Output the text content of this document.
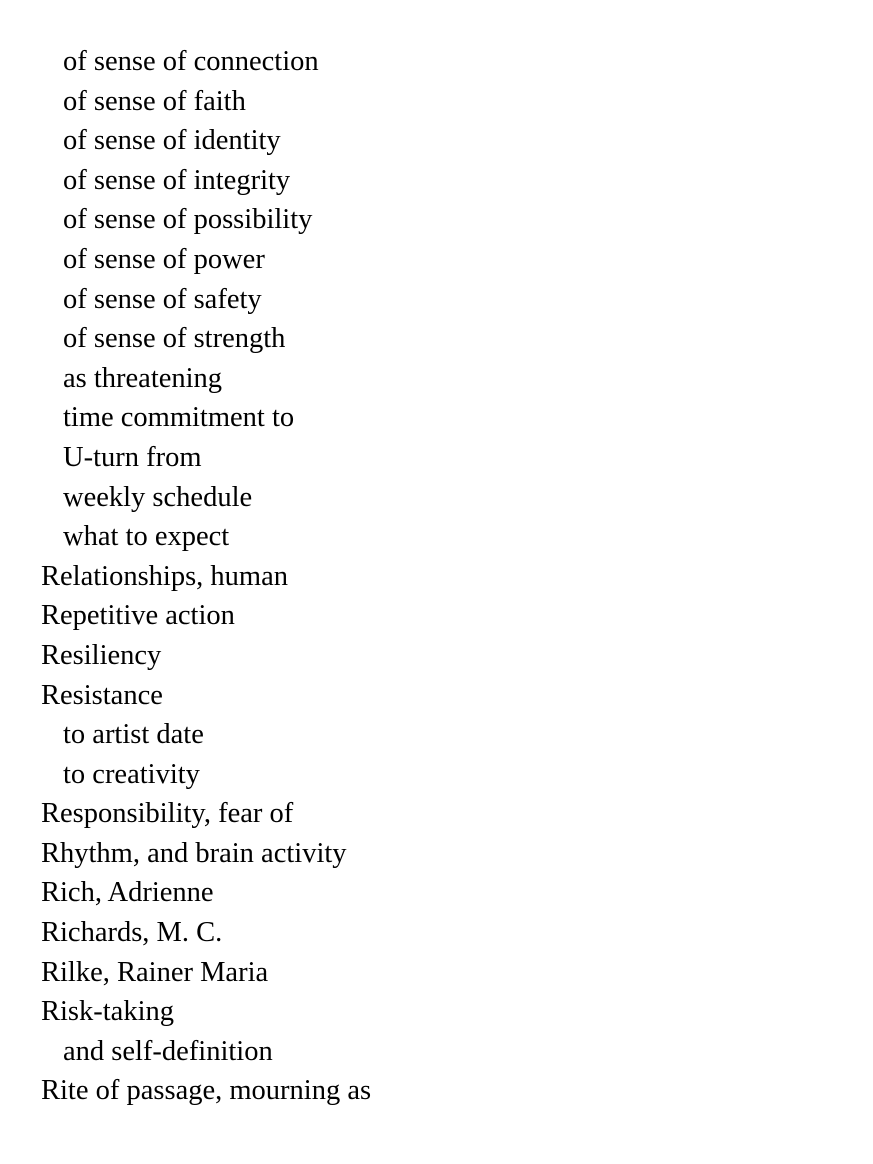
of sense of connection
of sense of faith
of sense of identity
of sense of integrity
of sense of possibility
of sense of power
of sense of safety
of sense of strength
as threatening
time commitment to
U-turn from
weekly schedule
what to expect
Relationships, human
Repetitive action
Resiliency
Resistance
to artist date
to creativity
Responsibility, fear of
Rhythm, and brain activity
Rich, Adrienne
Richards, M. C.
Rilke, Rainer Maria
Risk-taking
and self-definition
Rite of passage, mourning as
